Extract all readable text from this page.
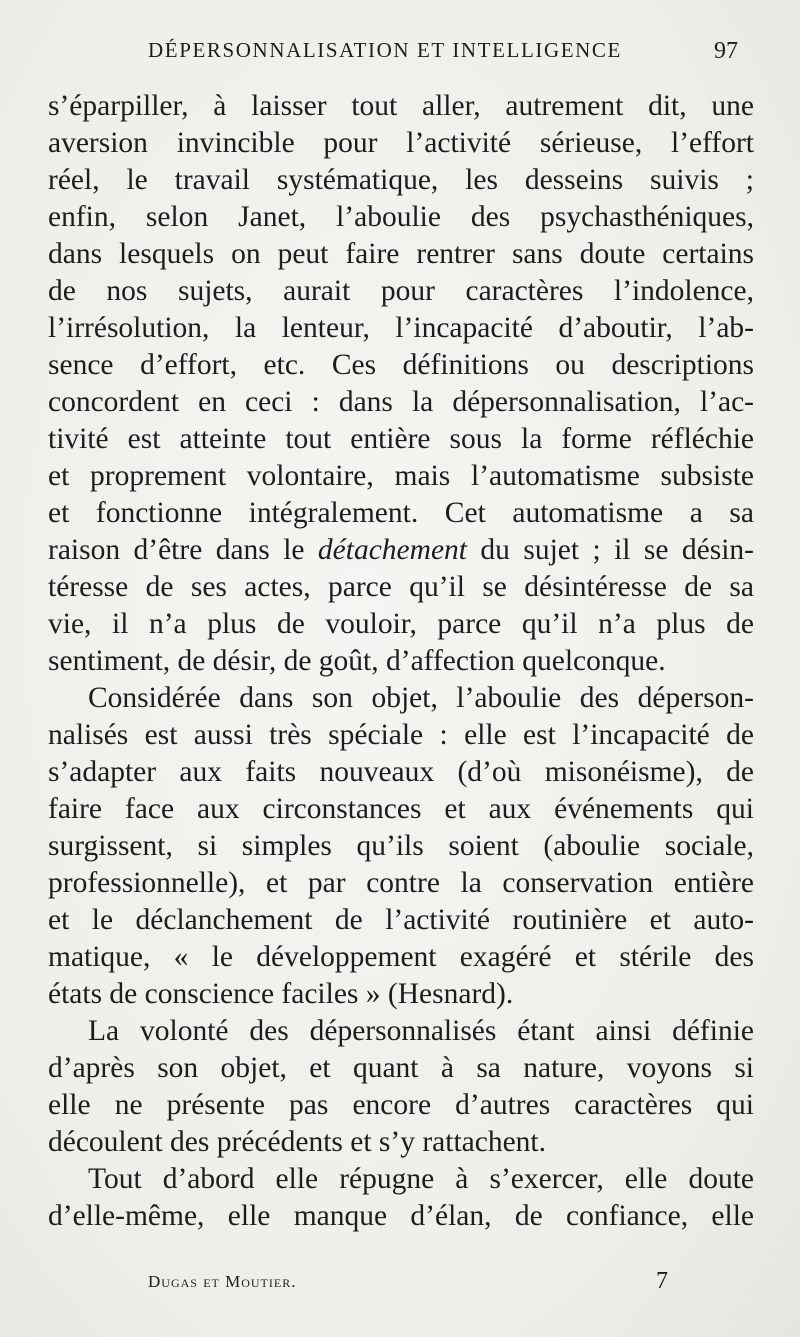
DÉPERSONNALISATION ET INTELLIGENCE	97
s’éparpiller, à laisser tout aller, autrement dit, une
aversion invincible pour l’activité sérieuse, l’effort
réel, le travail systématique, les desseins suivis ;
enfin, selon Janet, l’aboulie des psychasthéniques,
dans lesquels on peut faire rentrer sans doute certains
de nos sujets, aurait pour caractères l’indolence,
l’irrésolution, la lenteur, l’incapacité d’aboutir, l’ab-
sence d’effort, etc. Ces définitions ou descriptions
concordent en ceci : dans la dépersonnalisation, l’ac-
tivité est atteinte tout entière sous la forme réfléchie
et proprement volontaire, mais l’automatisme subsiste
et fonctionne intégralement. Cet automatisme a sa
raison d’être dans le détachement du sujet ; il se désin-
téresse de ses actes, parce qu’il se désintéresse de sa
vie, il n’a plus de vouloir, parce qu’il n’a plus de
sentiment, de désir, de goût, d’affection quelconque.
Considérée dans son objet, l’aboulie des déperson-
nalisés est aussi très spéciale : elle est l’incapacité de
s’adapter aux faits nouveaux (d’où misonéisme), de
faire face aux circonstances et aux événements qui
surgissent, si simples qu’ils soient (aboulie sociale,
professionnelle), et par contre la conservation entière
et le déclanchement de l’activité routinière et auto-
matique, « le développement exagéré et stérile des
états de conscience faciles » (Hesnard).
La volonté des dépersonnalisés étant ainsi définie
d’après son objet, et quant à sa nature, voyons si
elle ne présente pas encore d’autres caractères qui
découlent des précédents et s’y rattachent.
Tout d’abord elle répugne à s’exercer, elle doute
d’elle-même, elle manque d’élan, de confiance, elle
Dugas et Moutier.	7
